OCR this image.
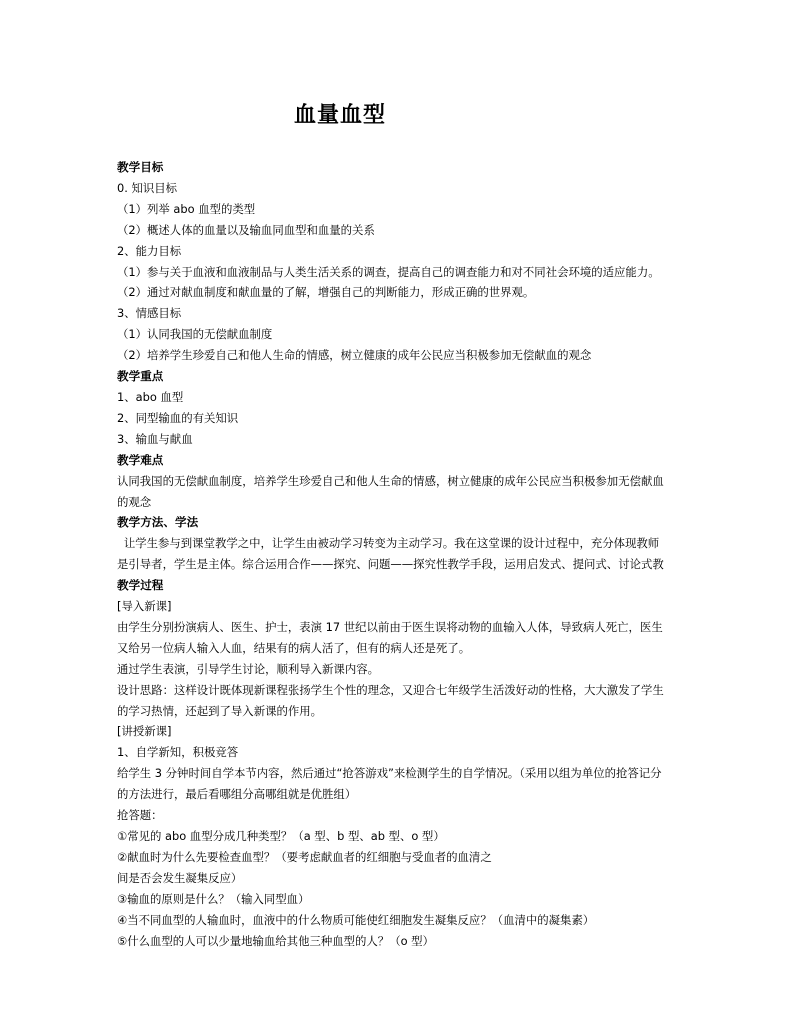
血量血型
教学目标
0. 知识目标
（1）列举 abo 血型的类型
（2）概述人体的血量以及输血同血型和血量的关系
2、能力目标
（1）参与关于血液和血液制品与人类生活关系的调查，提高自己的调查能力和对不同社会环境的适应能力。
（2）通过对献血制度和献血量的了解，增强自己的判断能力，形成正确的世界观。
3、情感目标
（1）认同我国的无偿献血制度
（2）培养学生珍爱自己和他人生命的情感，树立健康的成年公民应当积极参加无偿献血的观念
教学重点
1、abo 血型
2、同型输血的有关知识
3、输血与献血
教学难点
认同我国的无偿献血制度，培养学生珍爱自己和他人生命的情感，树立健康的成年公民应当积极参加无偿献血
的观念
教学方法、学法
让学生参与到课堂教学之中，让学生由被动学习转变为主动学习。我在这堂课的设计过程中，充分体现教师
是引导者，学生是主体。综合运用合作——探究、问题——探究性教学手段，运用启发式、提问式、讨论式教
教学过程
[导入新课]
由学生分别扮演病人、医生、护士，表演 17 世纪以前由于医生误将动物的血输入人体，导致病人死亡，医生
又给另一位病人输入人血，结果有的病人活了，但有的病人还是死了。
通过学生表演，引导学生讨论，顺利导入新课内容。
设计思路：这样设计既体现新课程张扬学生个性的理念，又迎合七年级学生活泼好动的性格，大大激发了学生
的学习热情，还起到了导入新课的作用。
[讲授新课]
1、自学新知，积极竞答
给学生 3 分钟时间自学本节内容，然后通过“抢答游戏”来检测学生的自学情况。（采用以组为单位的抢答记分
的方法进行，最后看哪组分高哪组就是优胜组）
抢答题：
①常见的 abo 血型分成几种类型？（a 型、b 型、ab 型、o 型）
②献血时为什么先要检查血型？（要考虑献血者的红细胞与受血者的血清之
间是否会发生凝集反应）
③输血的原则是什么？（输入同型血）
④当不同血型的人输血时，血液中的什么物质可能使红细胞发生凝集反应？（血清中的凝集素）
⑤什么血型的人可以少量地输血给其他三种血型的人？（o 型）
